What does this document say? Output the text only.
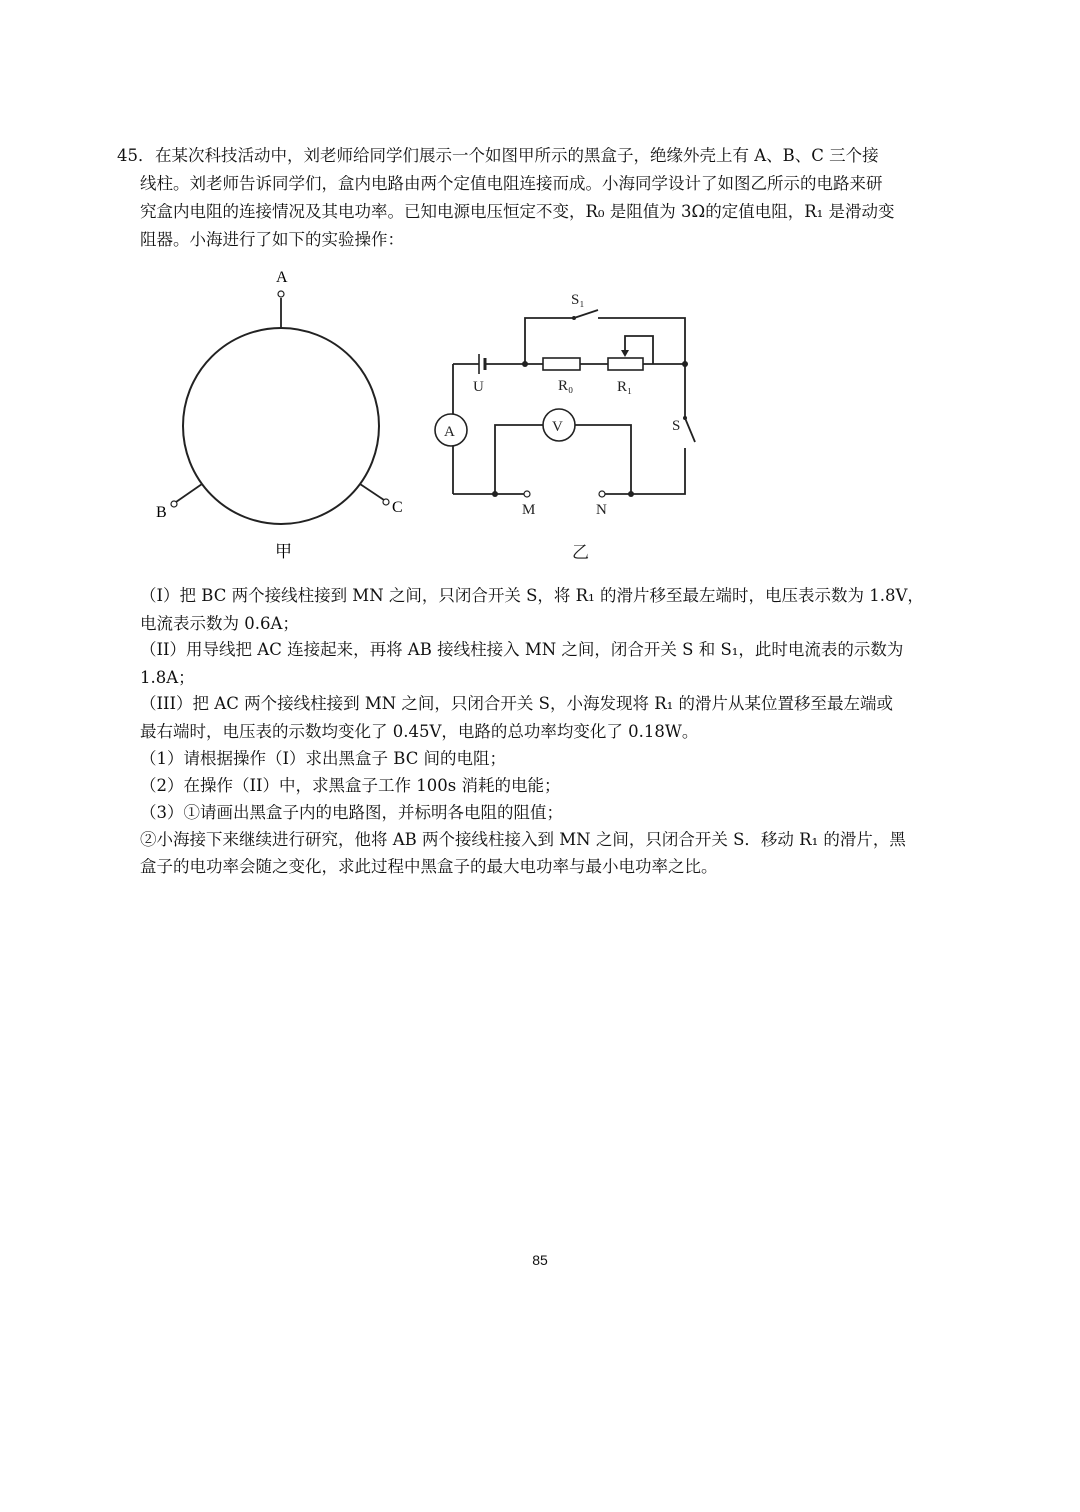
45． 在某次科技活动中，刘老师给同学们展示一个如图甲所示的黑盒子，绝缘外壳上有 A、B、C 三个接
线柱。刘老师告诉同学们，盒内电路由两个定值电阻连接而成。小海同学设计了如图乙所示的电路来研
究盒内电阻的连接情况及其电功率。已知电源电压恒定不变，R₀ 是阻值为 3Ω的定值电阻，R₁ 是滑动变
阻器。小海进行了如下的实验操作：
A
B	C
甲
S₁
S
U	R₀	R₁
A	V
M	N
乙
（I）把 BC 两个接线柱接到 MN 之间，只闭合开关 S，将 R₁ 的滑片移至最左端时，电压表示数为 1.8V，
电流表示数为 0.6A；
（II）用导线把 AC 连接起来，再将 AB 接线柱接入 MN 之间，闭合开关 S 和 S₁，此时电流表的示数为
1.8A；
（III）把 AC 两个接线柱接到 MN 之间，只闭合开关 S，小海发现将 R₁ 的滑片从某位置移至最左端或
最右端时，电压表的示数均变化了 0.45V，电路的总功率均变化了 0.18W。
（1）请根据操作（I）求出黑盒子 BC 间的电阻；
（2）在操作（II）中，求黑盒子工作 100s 消耗的电能；
（3）①请画出黑盒子内的电路图，并标明各电阻的阻值；
②小海接下来继续进行研究，他将 AB 两个接线柱接入到 MN 之间，只闭合开关 S．移动 R₁ 的滑片，黑
盒子的电功率会随之变化，求此过程中黑盒子的最大电功率与最小电功率之比。
85
